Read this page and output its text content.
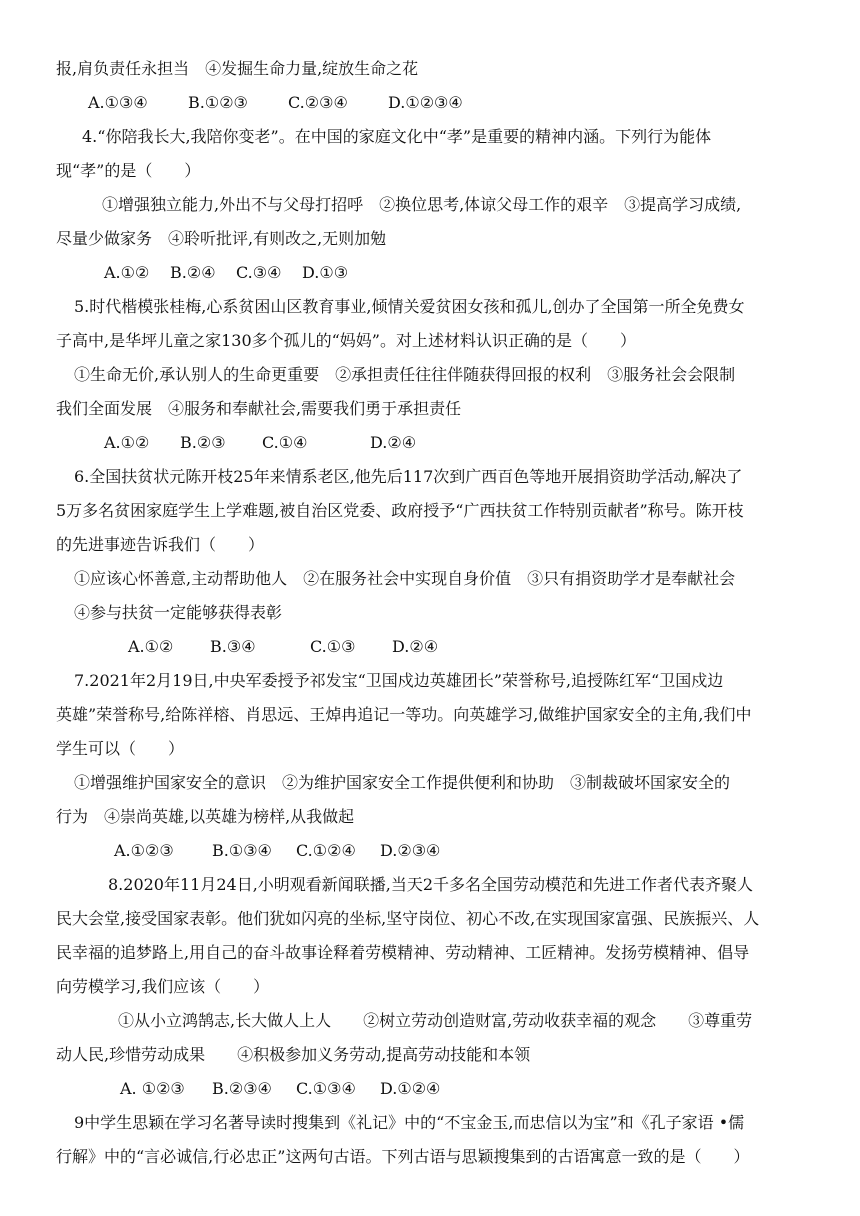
报,肩负责任永担当　④发掘生命力量,绽放生命之花
A.①③④	B.①②③	C.②③④	D.①②③④
4.“你陪我长大,我陪你变老”。在中国的家庭文化中“孝”是重要的精神内涵。下列行为能体
现“孝”的是（　　）
①增强独立能力,外出不与父母打招呼　②换位思考,体谅父母工作的艰辛　③提高学习成绩,
尽量少做家务　④聆听批评,有则改之,无则加勉
A.①② B.②④ C.③④ D.①③
5.时代楷模张桂梅,心系贫困山区教育事业,倾情关爱贫困女孩和孤儿,创办了全国第一所全免费女
子高中,是华坪儿童之家130多个孤儿的“妈妈”。对上述材料认识正确的是（　　）
①生命无价,承认别人的生命更重要　②承担责任往往伴随获得回报的权利　③服务社会会限制
我们全面发展　④服务和奉献社会,需要我们勇于承担责任
A.①② B.②③ C.①④	D.②④
6.全国扶贫状元陈开枝25年来情系老区,他先后117次到广西百色等地开展捐资助学活动,解决了
5万多名贫困家庭学生上学难题,被自治区党委、政府授予“广西扶贫工作特别贡献者”称号。陈开枝
的先进事迹告诉我们（　　）
①应该心怀善意,主动帮助他人　②在服务社会中实现自身价值　③只有捐资助学才是奉献社会
④参与扶贫一定能够获得表彰
A.①② B.③④	C.①③ D.②④
7.2021年2月19日,中央军委授予祁发宝“卫国戍边英雄团长”荣誉称号,追授陈红军“卫国戍边
英雄”荣誉称号,给陈祥榕、肖思远、王焯冉追记一等功。向英雄学习,做维护国家安全的主角,我们中
学生可以（　　）
①增强维护国家安全的意识　②为维护国家安全工作提供便利和协助　③制裁破坏国家安全的
行为　④崇尚英雄,以英雄为榜样,从我做起
A.①②③ B.①③④ C.①②④ D.②③④
8.2020年11月24日,小明观看新闻联播,当天2千多名全国劳动模范和先进工作者代表齐聚人
民大会堂,接受国家表彰。他们犹如闪亮的坐标,坚守岗位、初心不改,在实现国家富强、民族振兴、人
民幸福的追梦路上,用自己的奋斗故事诠释着劳模精神、劳动精神、工匠精神。发扬劳模精神、倡导
向劳模学习,我们应该（　　）
①从小立鸿鹄志,长大做人上人　　②树立劳动创造财富,劳动收获幸福的观念　　③尊重劳
动人民,珍惜劳动成果　　④积极参加义务劳动,提高劳动技能和本领
A. ①②③ B.②③④ C.①③④ D.①②④
9中学生思颖在学习名著导读时搜集到《礼记》中的“不宝金玉,而忠信以为宝”和《孔子家语 •儒
行解》中的“言必诚信,行必忠正”这两句古语。下列古语与思颖搜集到的古语寓意一致的是（　　）
